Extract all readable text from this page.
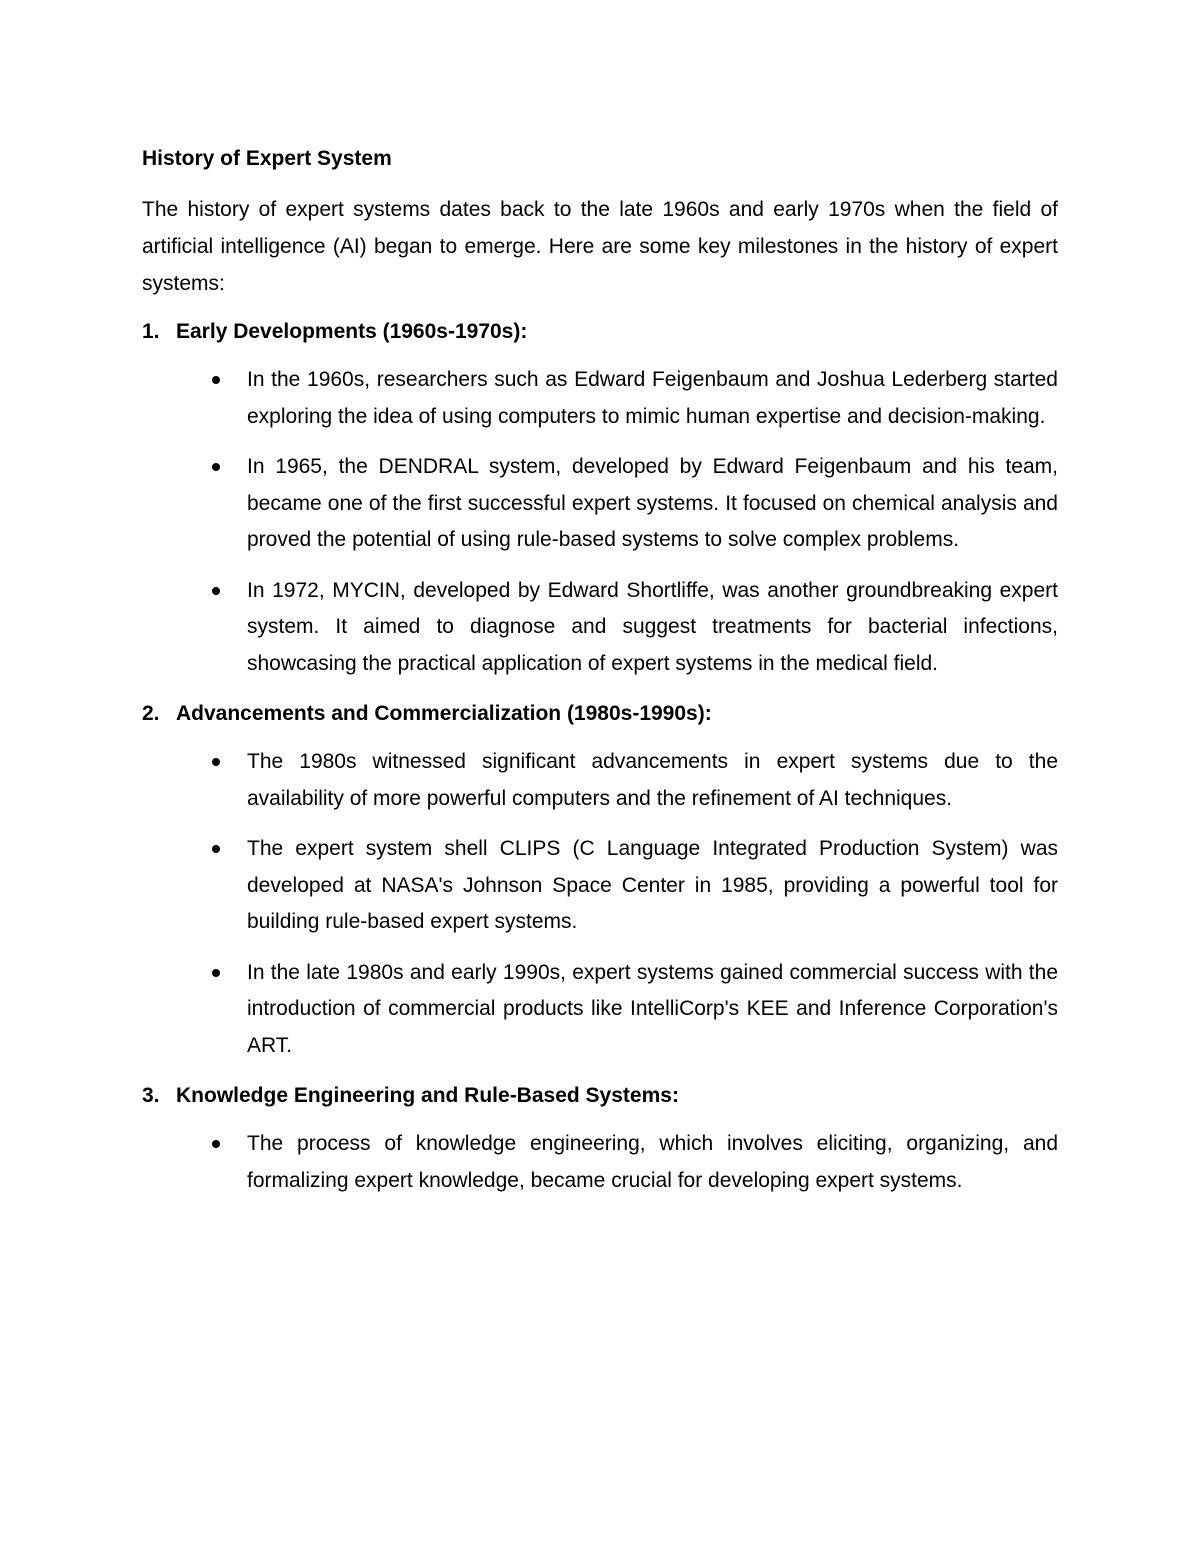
History of Expert System

The history of expert systems dates back to the late 1960s and early 1970s when the field of artificial intelligence (AI) began to emerge. Here are some key milestones in the history of expert systems:

1. Early Developments (1960s-1970s):
In the 1960s, researchers such as Edward Feigenbaum and Joshua Lederberg started exploring the idea of using computers to mimic human expertise and decision-making.
In 1965, the DENDRAL system, developed by Edward Feigenbaum and his team, became one of the first successful expert systems. It focused on chemical analysis and proved the potential of using rule-based systems to solve complex problems.
In 1972, MYCIN, developed by Edward Shortliffe, was another groundbreaking expert system. It aimed to diagnose and suggest treatments for bacterial infections, showcasing the practical application of expert systems in the medical field.
2. Advancements and Commercialization (1980s-1990s):
The 1980s witnessed significant advancements in expert systems due to the availability of more powerful computers and the refinement of AI techniques.
The expert system shell CLIPS (C Language Integrated Production System) was developed at NASA's Johnson Space Center in 1985, providing a powerful tool for building rule-based expert systems.
In the late 1980s and early 1990s, expert systems gained commercial success with the introduction of commercial products like IntelliCorp's KEE and Inference Corporation's ART.
3. Knowledge Engineering and Rule-Based Systems:
The process of knowledge engineering, which involves eliciting, organizing, and formalizing expert knowledge, became crucial for developing expert systems.
